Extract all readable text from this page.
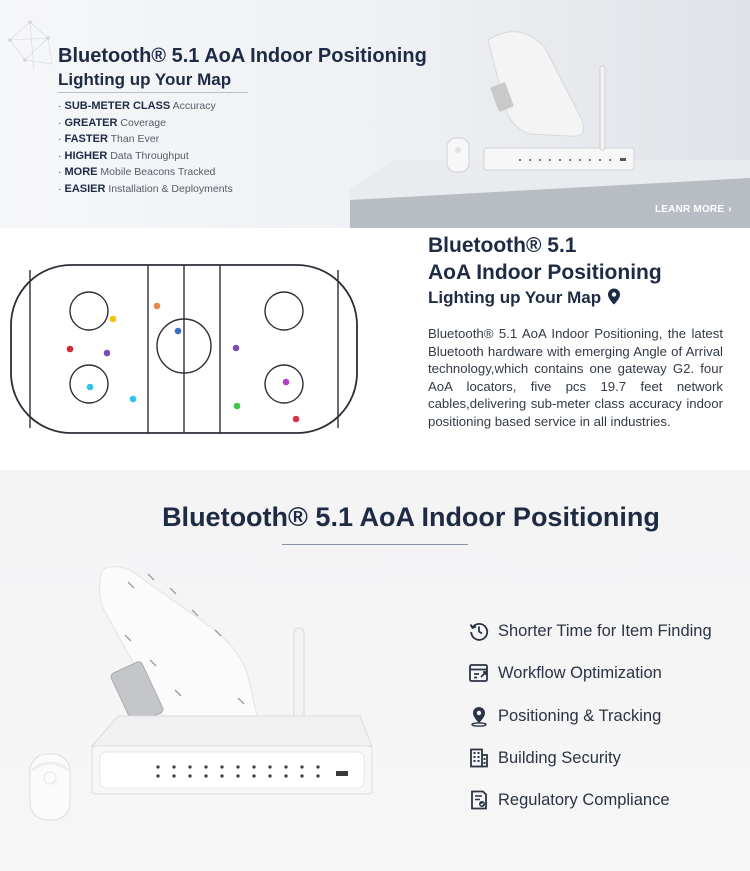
Bluetooth® 5.1 AoA Indoor Positioning
Lighting up Your Map
· SUB-METER CLASS Accuracy
· GREATER Coverage
· FASTER Than Ever
· HIGHER Data Throughput
· MORE Mobile Beacons Tracked
· EASIER Installation & Deployments
LEANR MORE ›
Bluetooth® 5.1
AoA Indoor Positioning
Lighting up Your Map
Bluetooth® 5.1 AoA Indoor Positioning, the latest Bluetooth hardware with emerging Angle of Arrival technology,which contains one gateway G2. four AoA locators, five pcs 19.7 feet network cables,delivering sub-meter class accuracy indoor positioning based service in all industries.
Bluetooth® 5.1 AoA Indoor Positioning
Shorter Time for Item Finding
Workflow Optimization
Positioning & Tracking
Building Security
Regulatory Compliance
